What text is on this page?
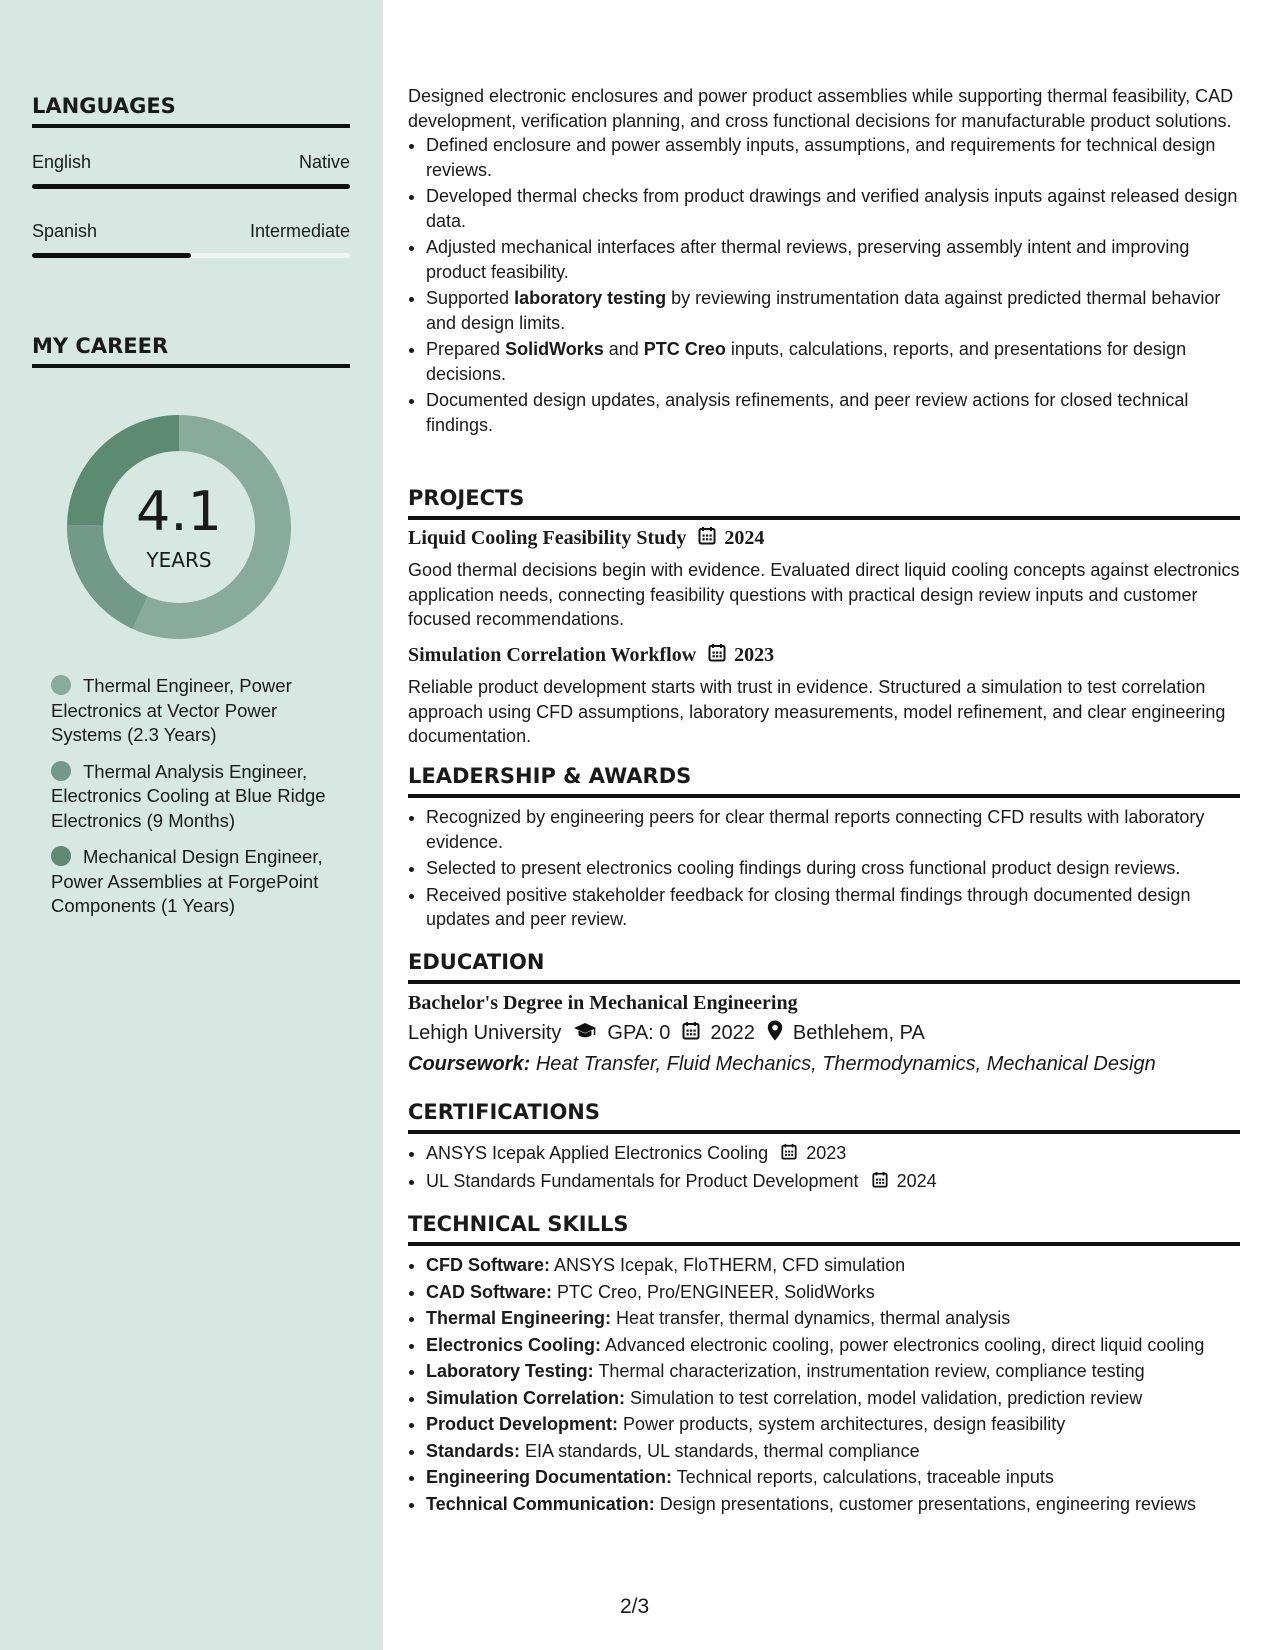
LANGUAGES
English	Native
Spanish	Intermediate
MY CAREER
4.1
YEARS
Thermal Engineer, Power Electronics at Vector Power Systems (2.3 Years)
Thermal Analysis Engineer, Electronics Cooling at Blue Ridge Electronics (9 Months)
Mechanical Design Engineer, Power Assemblies at ForgePoint Components (1 Years)
Designed electronic enclosures and power product assemblies while supporting thermal feasibility, CAD development, verification planning, and cross functional decisions for manufacturable product solutions.
• Defined enclosure and power assembly inputs, assumptions, and requirements for technical design reviews.
• Developed thermal checks from product drawings and verified analysis inputs against released design data.
• Adjusted mechanical interfaces after thermal reviews, preserving assembly intent and improving product feasibility.
• Supported laboratory testing by reviewing instrumentation data against predicted thermal behavior and design limits.
• Prepared SolidWorks and PTC Creo inputs, calculations, reports, and presentations for design decisions.
• Documented design updates, analysis refinements, and peer review actions for closed technical findings.
PROJECTS
Liquid Cooling Feasibility Study 2024
Good thermal decisions begin with evidence. Evaluated direct liquid cooling concepts against electronics application needs, connecting feasibility questions with practical design review inputs and customer focused recommendations.
Simulation Correlation Workflow 2023
Reliable product development starts with trust in evidence. Structured a simulation to test correlation approach using CFD assumptions, laboratory measurements, model refinement, and clear engineering documentation.
LEADERSHIP & AWARDS
• Recognized by engineering peers for clear thermal reports connecting CFD results with laboratory evidence.
• Selected to present electronics cooling findings during cross functional product design reviews.
• Received positive stakeholder feedback for closing thermal findings through documented design updates and peer review.
EDUCATION
Bachelor's Degree in Mechanical Engineering
Lehigh University GPA: 0 2022 Bethlehem, PA
Coursework: Heat Transfer, Fluid Mechanics, Thermodynamics, Mechanical Design
CERTIFICATIONS
• ANSYS Icepak Applied Electronics Cooling 2023
• UL Standards Fundamentals for Product Development 2024
TECHNICAL SKILLS
• CFD Software: ANSYS Icepak, FloTHERM, CFD simulation
• CAD Software: PTC Creo, Pro/ENGINEER, SolidWorks
• Thermal Engineering: Heat transfer, thermal dynamics, thermal analysis
• Electronics Cooling: Advanced electronic cooling, power electronics cooling, direct liquid cooling
• Laboratory Testing: Thermal characterization, instrumentation review, compliance testing
• Simulation Correlation: Simulation to test correlation, model validation, prediction review
• Product Development: Power products, system architectures, design feasibility
• Standards: EIA standards, UL standards, thermal compliance
• Engineering Documentation: Technical reports, calculations, traceable inputs
• Technical Communication: Design presentations, customer presentations, engineering reviews
2/3
